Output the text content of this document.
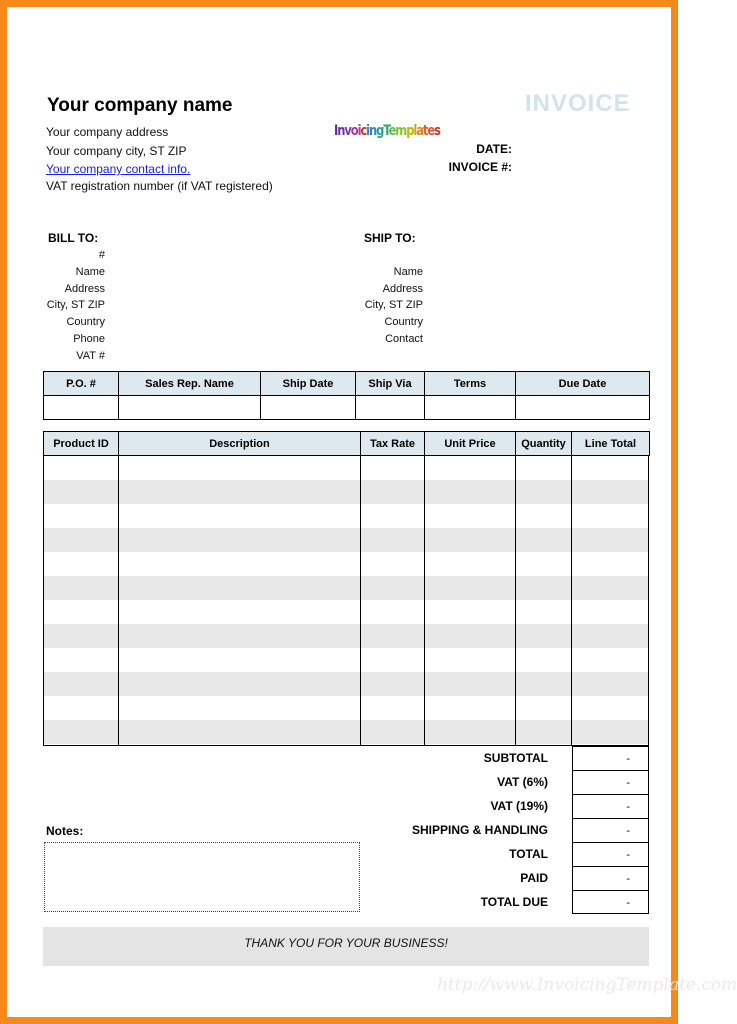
Your company name
Your company address
Your company city, ST ZIP
Your company contact info.
VAT registration number (if VAT registered)
INVOICE
InvoicingTemplates
DATE:
INVOICE #:
BILL TO:	SHIP TO:
#
Name
Address
City, ST ZIP
Country
Phone
VAT #
Name
Address
City, ST ZIP
Country
Contact
P.O. #	Sales Rep. Name	Ship Date	Ship Via	Terms	Due Date

Product ID	Description	Tax Rate	Unit Price	Quantity	Line Total
SUBTOTAL	-
VAT (6%)	-
VAT (19%)	-
SHIPPING & HANDLING	-
TOTAL	-
PAID	-
TOTAL DUE	-
Notes:
THANK YOU FOR YOUR BUSINESS!
http://www.InvoicingTemplate.com
